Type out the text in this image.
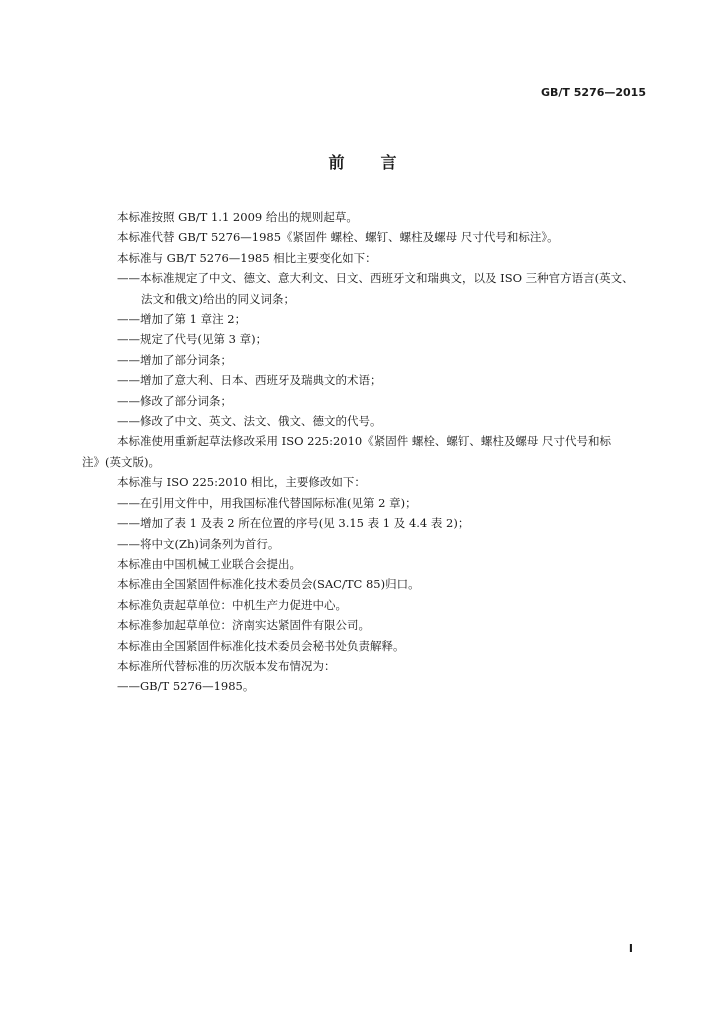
GB/T 5276—2015
前言

本标准按照 GB/T 1.1 2009 给出的规则起草。

本标准代替 GB/T 5276—1985《紧固件 螺栓、螺钉、螺柱及螺母 尺寸代号和标注》。

本标准与 GB/T 5276—1985 相比主要变化如下：

——本标准规定了中文、德文、意大利文、日文、西班牙文和瑞典文，以及 ISO 三种官方语言(英文、

法文和俄文)给出的同义词条；

——增加了第 1 章注 2；

——规定了代号(见第 3 章)；

——增加了部分词条；

——增加了意大利、日本、西班牙及瑞典文的术语；

——修改了部分词条；

——修改了中文、英文、法文、俄文、德文的代号。

本标准使用重新起草法修改采用 ISO 225:2010《紧固件 螺栓、螺钉、螺柱及螺母 尺寸代号和标

注》(英文版)。

本标准与 ISO 225:2010 相比，主要修改如下：

——在引用文件中，用我国标准代替国际标准(见第 2 章)；

——增加了表 1 及表 2 所在位置的序号(见 3.15 表 1 及 4.4 表 2)；

——将中文(Zh)词条列为首行。

本标准由中国机械工业联合会提出。

本标准由全国紧固件标准化技术委员会(SAC/TC 85)归口。

本标准负责起草单位：中机生产力促进中心。

本标准参加起草单位：济南实达紧固件有限公司。

本标准由全国紧固件标准化技术委员会秘书处负责解释。

本标准所代替标准的历次版本发布情况为：

——GB/T 5276—1985。

Ⅰ
